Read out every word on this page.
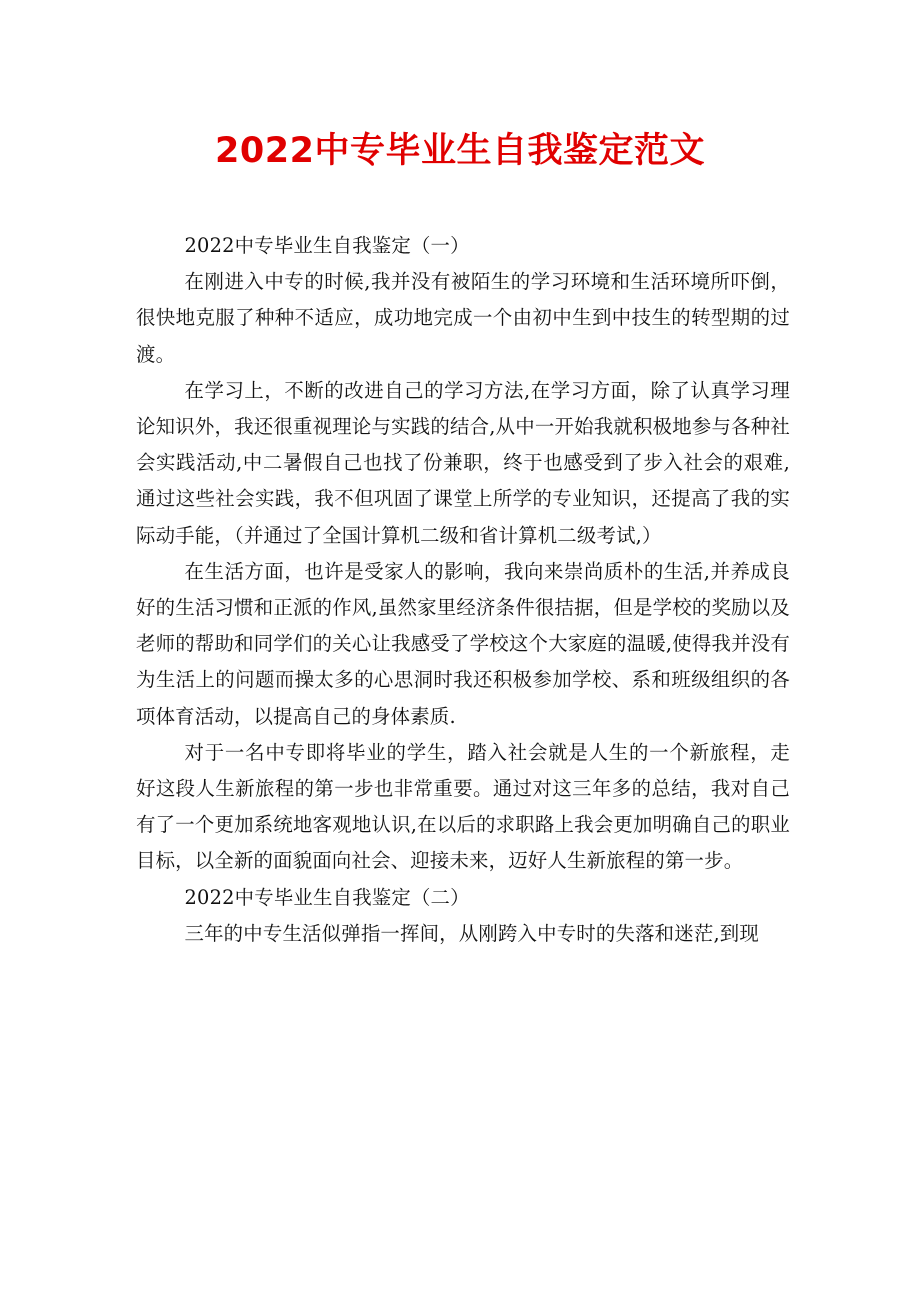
2022中专毕业生自我鉴定范文

2022中专毕业生自我鉴定（一）

在刚进入中专的时候,我并没有被陌生的学习环境和生活环境所吓倒，很快地克服了种种不适应，成功地完成一个由初中生到中技生的转型期的过渡。

在学习上，不断的改进自己的学习方法,在学习方面，除了认真学习理论知识外，我还很重视理论与实践的结合,从中一开始我就积极地参与各种社会实践活动,中二暑假自己也找了份兼职，终于也感受到了步入社会的艰难,通过这些社会实践，我不但巩固了课堂上所学的专业知识，还提高了我的实际动手能，（并通过了全国计算机二级和省计算机二级考试,）

在生活方面，也许是受家人的影响，我向来崇尚质朴的生活,并养成良好的生活习惯和正派的作风,虽然家里经济条件很拮据，但是学校的奖励以及老师的帮助和同学们的关心让我感受了学校这个大家庭的温暖,使得我并没有为生活上的问题而操太多的心思洞时我还积极参加学校、系和班级组织的各项体育活动，以提高自己的身体素质.

对于一名中专即将毕业的学生，踏入社会就是人生的一个新旅程，走好这段人生新旅程的第一步也非常重要。通过对这三年多的总结，我对自己有了一个更加系统地客观地认识,在以后的求职路上我会更加明确自己的职业目标，以全新的面貌面向社会、迎接未来，迈好人生新旅程的第一步。

2022中专毕业生自我鉴定（二）

三年的中专生活似弹指一挥间，从刚跨入中专时的失落和迷茫,到现
